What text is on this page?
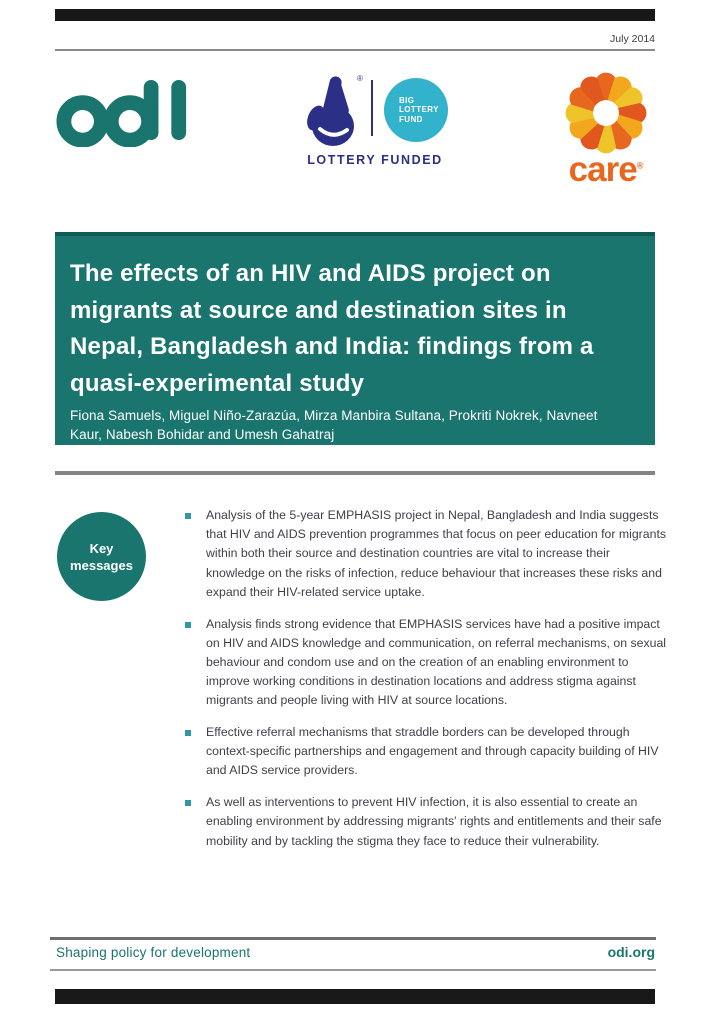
July 2014
®
BIG
LOTTERY
FUND
LOTTERY FUNDED	care®
The effects of an HIV and AIDS project on
migrants at source and destination sites in
Nepal, Bangladesh and India: findings from a
quasi-experimental study
Fiona Samuels, Miguel Niño-Zarazúa, Mirza Manbira Sultana, Prokriti Nokrek, Navneet
Kaur, Nabesh Bohidar and Umesh Gahatraj
Key
messages
Analysis of the 5-year EMPHASIS project in Nepal, Bangladesh and India suggests that HIV and AIDS prevention programmes that focus on peer education for migrants within both their source and destination countries are vital to increase their knowledge on the risks of infection, reduce behaviour that increases these risks and expand their HIV-related service uptake.
Analysis finds strong evidence that EMPHASIS services have had a positive impact on HIV and AIDS knowledge and communication, on referral mechanisms, on sexual behaviour and condom use and on the creation of an enabling environment to improve working conditions in destination locations and address stigma against migrants and people living with HIV at source locations.
Effective referral mechanisms that straddle borders can be developed through context-specific partnerships and engagement and through capacity building of HIV and AIDS service providers.
As well as interventions to prevent HIV infection, it is also essential to create an enabling environment by addressing migrants' rights and entitlements and their safe mobility and by tackling the stigma they face to reduce their vulnerability.
Shaping policy for development	odi.org
